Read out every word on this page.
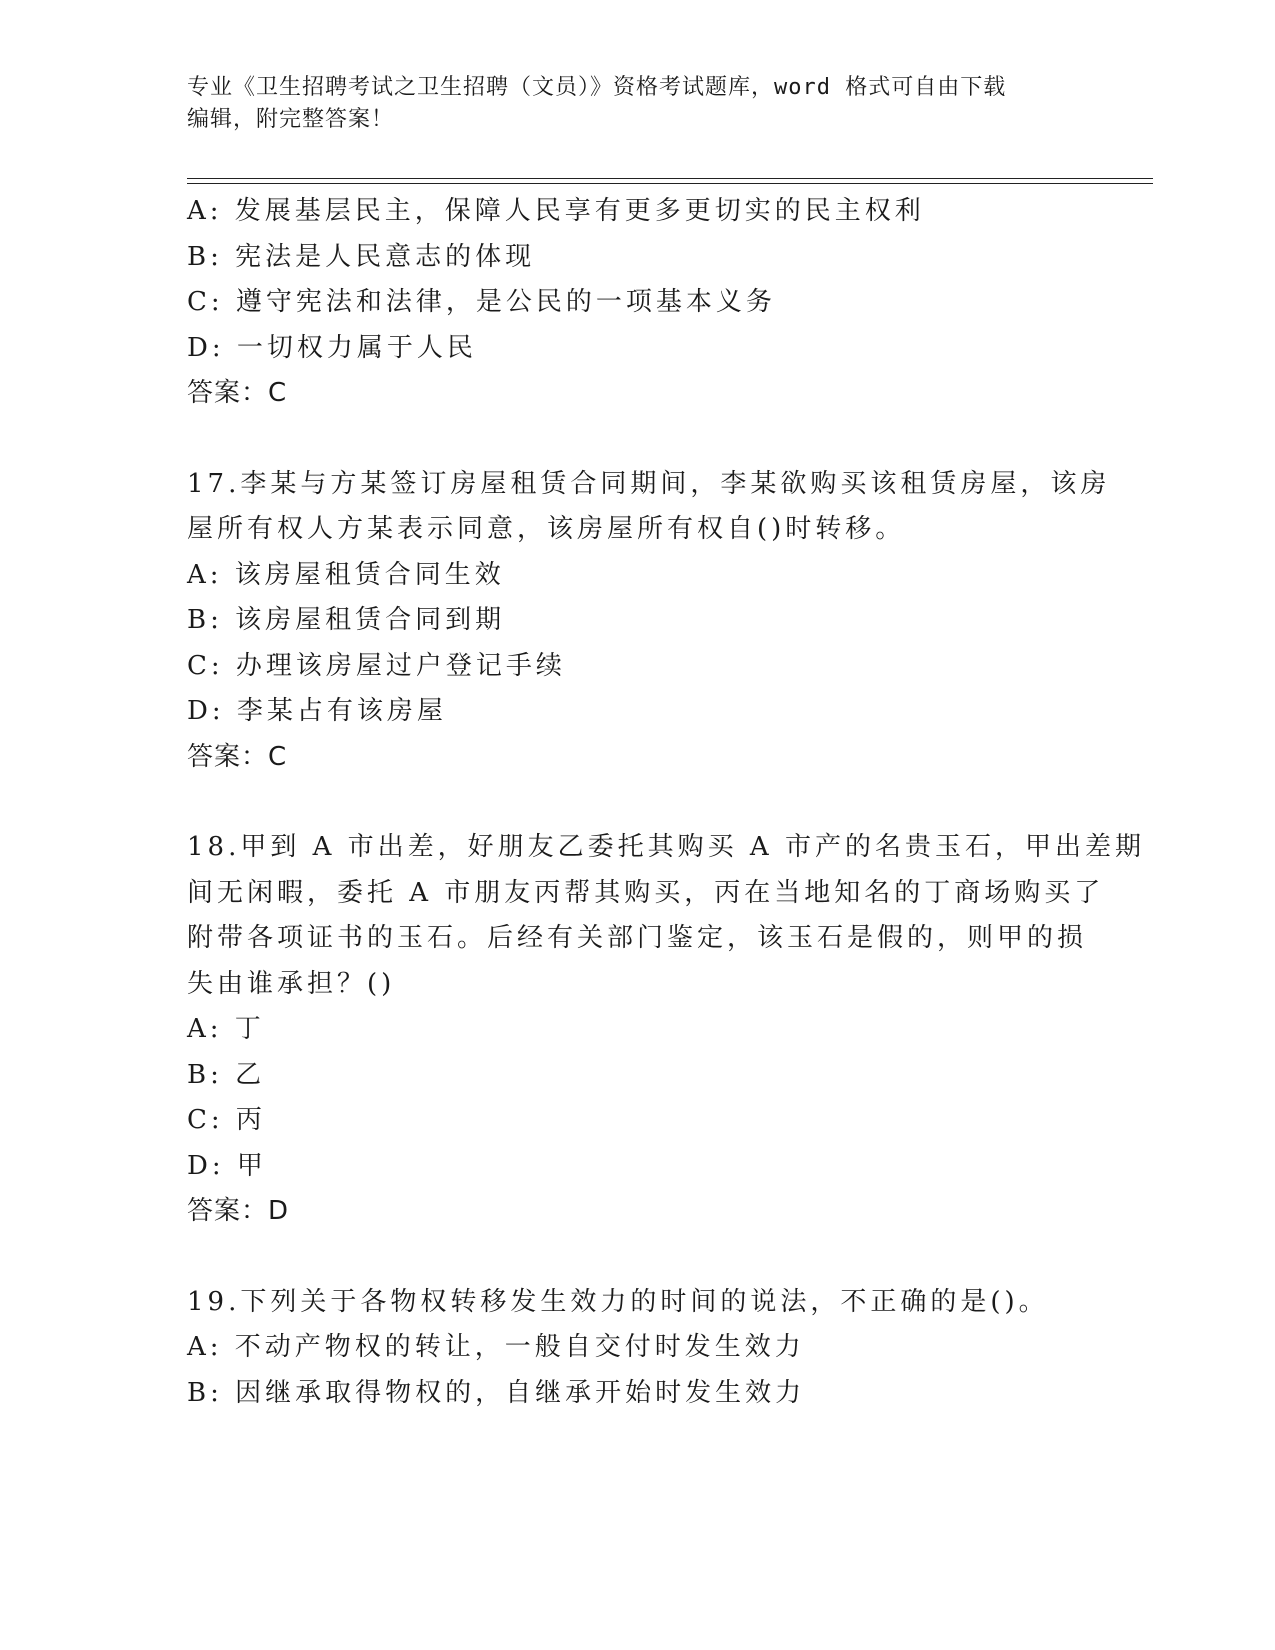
专业《卫生招聘考试之卫生招聘（文员）》资格考试题库，word 格式可自由下载
编辑，附完整答案！
A: 发展基层民主，保障人民享有更多更切实的民主权利
B: 宪法是人民意志的体现
C: 遵守宪法和法律，是公民的一项基本义务
D: 一切权力属于人民
答案：C
17.李某与方某签订房屋租赁合同期间，李某欲购买该租赁房屋，该房
屋所有权人方某表示同意，该房屋所有权自()时转移。
A: 该房屋租赁合同生效
B: 该房屋租赁合同到期
C: 办理该房屋过户登记手续
D: 李某占有该房屋
答案：C
18.甲到 A 市出差，好朋友乙委托其购买 A 市产的名贵玉石，甲出差期
间无闲暇，委托 A 市朋友丙帮其购买，丙在当地知名的丁商场购买了
附带各项证书的玉石。后经有关部门鉴定，该玉石是假的，则甲的损
失由谁承担？()
A: 丁
B: 乙
C: 丙
D: 甲
答案：D
19.下列关于各物权转移发生效力的时间的说法，不正确的是()。
A: 不动产物权的转让，一般自交付时发生效力
B: 因继承取得物权的，自继承开始时发生效力
